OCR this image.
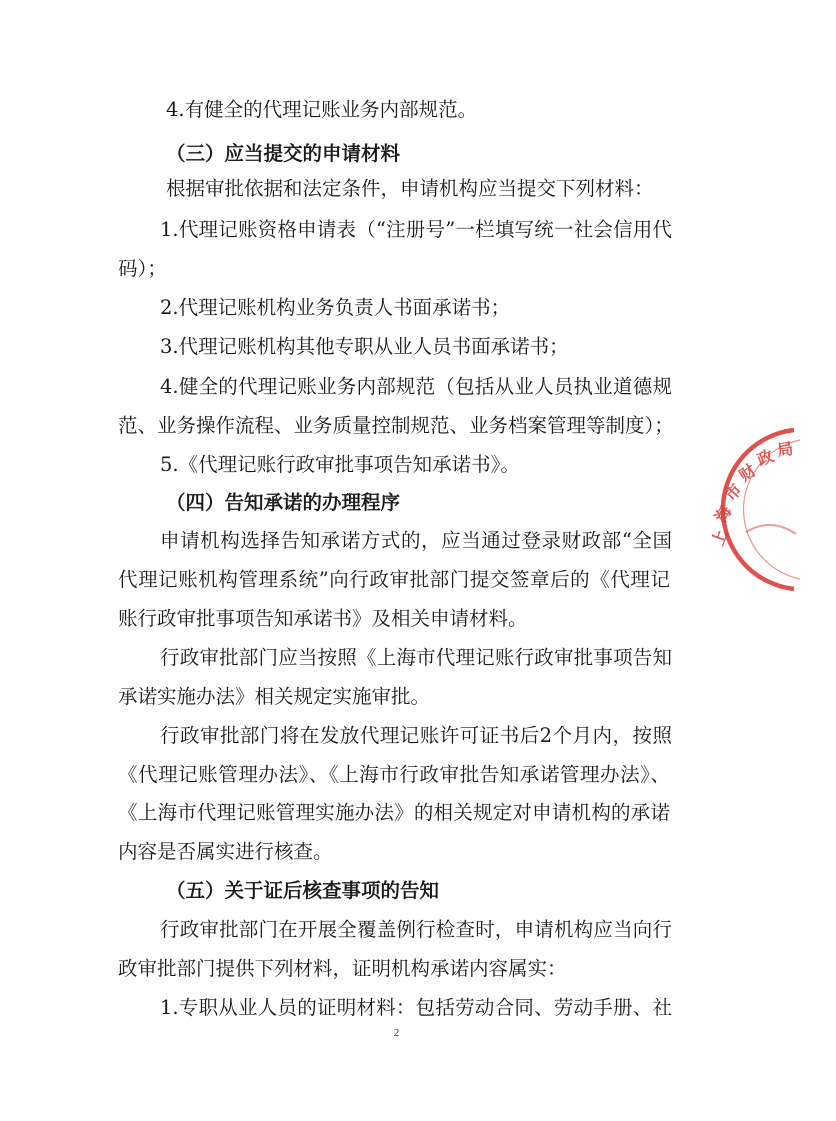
4.有健全的代理记账业务内部规范。
（三）应当提交的申请材料
根据审批依据和法定条件，申请机构应当提交下列材料：
1.代理记账资格申请表（“注册号”一栏填写统一社会信用代
码）；
2.代理记账机构业务负责人书面承诺书；
3.代理记账机构其他专职从业人员书面承诺书；
4.健全的代理记账业务内部规范（包括从业人员执业道德规
范、业务操作流程、业务质量控制规范、业务档案管理等制度）；
5.《代理记账行政审批事项告知承诺书》。
（四）告知承诺的办理程序
申请机构选择告知承诺方式的，应当通过登录财政部“全国
代理记账机构管理系统”向行政审批部门提交签章后的《代理记
账行政审批事项告知承诺书》及相关申请材料。
行政审批部门应当按照《上海市代理记账行政审批事项告知
承诺实施办法》相关规定实施审批。
行政审批部门将在发放代理记账许可证书后2个月内，按照
《代理记账管理办法》、《上海市行政审批告知承诺管理办法》、
《上海市代理记账管理实施办法》的相关规定对申请机构的承诺
内容是否属实进行核查。
（五）关于证后核查事项的告知
行政审批部门在开展全覆盖例行检查时，申请机构应当向行
政审批部门提供下列材料，证明机构承诺内容属实：
1.专职从业人员的证明材料：包括劳动合同、劳动手册、社
2
上
海
市
财
政 局
